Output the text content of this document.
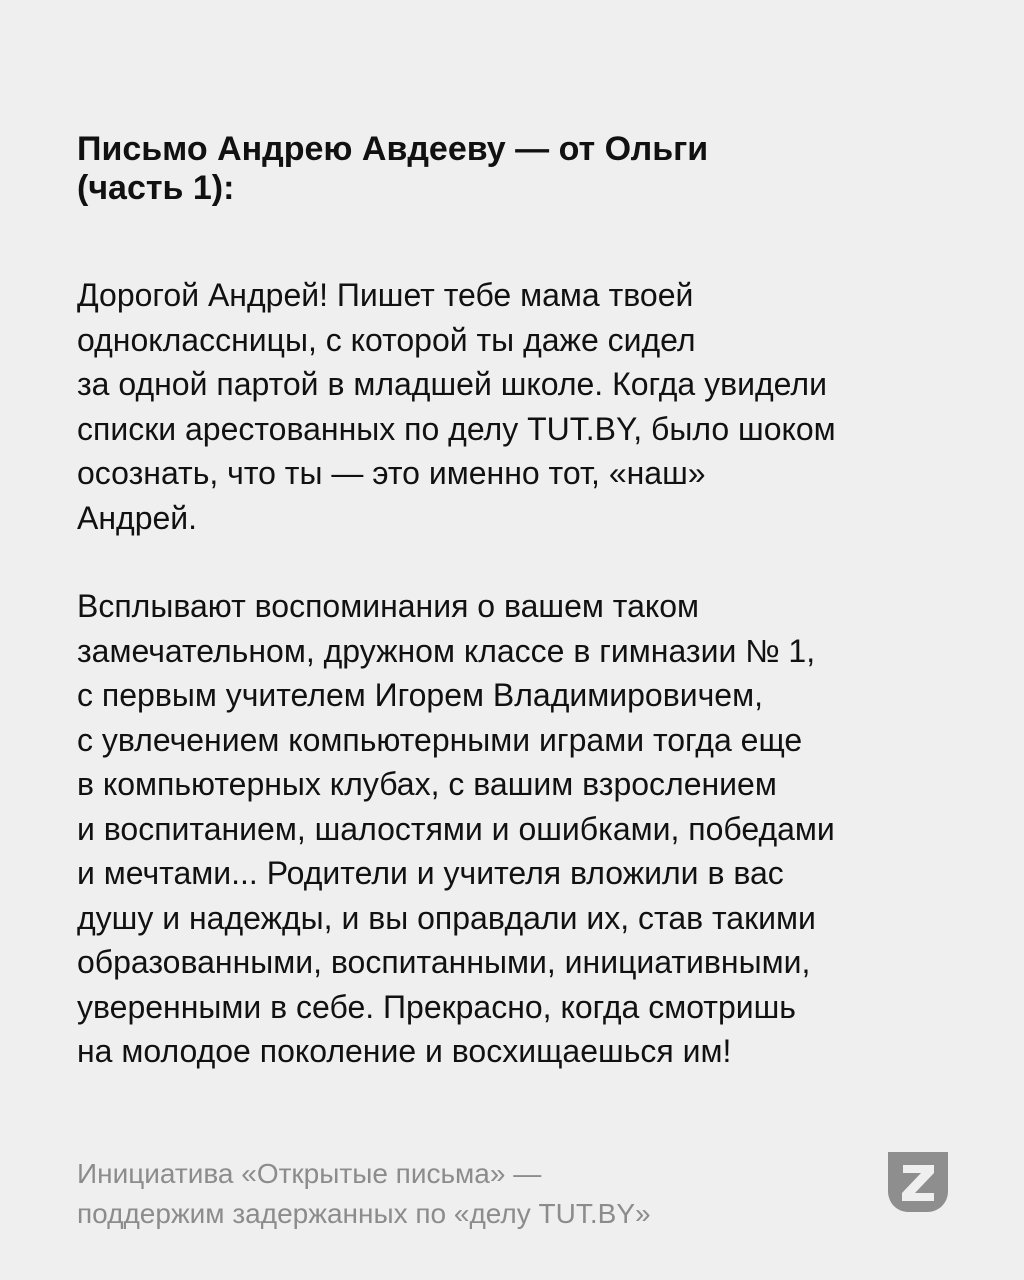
Письмо Андрею Авдееву — от Ольги
(часть 1):

Дорогой Андрей! Пишет тебе мама твоей
одноклассницы, с которой ты даже сидел
за одной партой в младшей школе. Когда увидели
списки арестованных по делу TUT.BY, было шоком
осознать, что ты — это именно тот, «наш»
Андрей.

Всплывают воспоминания о вашем таком
замечательном, дружном классе в гимназии № 1,
с первым учителем Игорем Владимировичем,
с увлечением компьютерными играми тогда еще
в компьютерных клубах, с вашим взрослением
и воспитанием, шалостями и ошибками, победами
и мечтами... Родители и учителя вложили в вас
душу и надежды, и вы оправдали их, став такими
образованными, воспитанными, инициативными,
уверенными в себе. Прекрасно, когда смотришь
на молодое поколение и восхищаешься им!

Инициатива «Открытые письма» —
поддержим задержанных по «делу TUT.BY»
